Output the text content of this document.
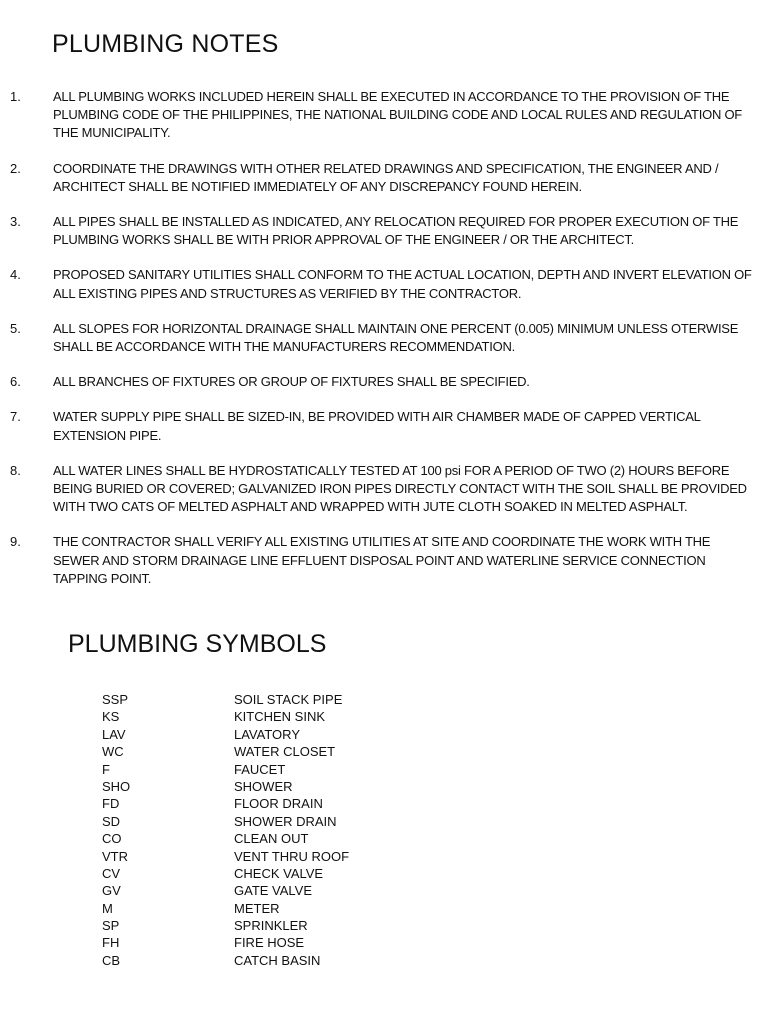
PLUMBING NOTES
1. ALL PLUMBING WORKS INCLUDED HEREIN SHALL BE EXECUTED IN ACCORDANCE TO THE PROVISION OF THE
PLUMBING CODE OF THE PHILIPPINES, THE NATIONAL BUILDING CODE AND LOCAL RULES AND REGULATION OF
THE MUNICIPALITY.
2. COORDINATE THE DRAWINGS WITH OTHER RELATED DRAWINGS AND SPECIFICATION, THE ENGINEER AND /
ARCHITECT SHALL BE NOTIFIED IMMEDIATELY OF ANY DISCREPANCY FOUND HEREIN.
3. ALL PIPES SHALL BE INSTALLED AS INDICATED, ANY RELOCATION REQUIRED FOR PROPER EXECUTION OF THE
PLUMBING WORKS SHALL BE WITH PRIOR APPROVAL OF THE ENGINEER / OR THE ARCHITECT.
4. PROPOSED SANITARY UTILITIES SHALL CONFORM TO THE ACTUAL LOCATION, DEPTH AND INVERT ELEVATION OF
ALL EXISTING PIPES AND STRUCTURES AS VERIFIED BY THE CONTRACTOR.
5. ALL SLOPES FOR HORIZONTAL DRAINAGE SHALL MAINTAIN ONE PERCENT (0.005) MINIMUM UNLESS OTERWISE
SHALL BE ACCORDANCE WITH THE MANUFACTURERS RECOMMENDATION.
6. ALL BRANCHES OF FIXTURES OR GROUP OF FIXTURES SHALL BE SPECIFIED.
7. WATER SUPPLY PIPE SHALL BE SIZED-IN, BE PROVIDED WITH AIR CHAMBER MADE OF CAPPED VERTICAL
EXTENSION PIPE.
8. ALL WATER LINES SHALL BE HYDROSTATICALLY TESTED AT 100 psi FOR A PERIOD OF TWO (2) HOURS BEFORE
BEING BURIED OR COVERED; GALVANIZED IRON PIPES DIRECTLY CONTACT WITH THE SOIL SHALL BE PROVIDED
WITH TWO CATS OF MELTED ASPHALT AND WRAPPED WITH JUTE CLOTH SOAKED IN MELTED ASPHALT.
9. THE CONTRACTOR SHALL VERIFY ALL EXISTING UTILITIES AT SITE AND COORDINATE THE WORK WITH THE
SEWER AND STORM DRAINAGE LINE EFFLUENT DISPOSAL POINT AND WATERLINE SERVICE CONNECTION
TAPPING POINT.
PLUMBING SYMBOLS
SSP	SOIL STACK PIPE
KS	KITCHEN SINK
LAV	LAVATORY
WC	WATER CLOSET
F	FAUCET
SHO	SHOWER
FD	FLOOR DRAIN
SD	SHOWER DRAIN
CO	CLEAN OUT
VTR	VENT THRU ROOF
CV	CHECK VALVE
GV	GATE VALVE
M	METER
SP	SPRINKLER
FH	FIRE HOSE
CB	CATCH BASIN
